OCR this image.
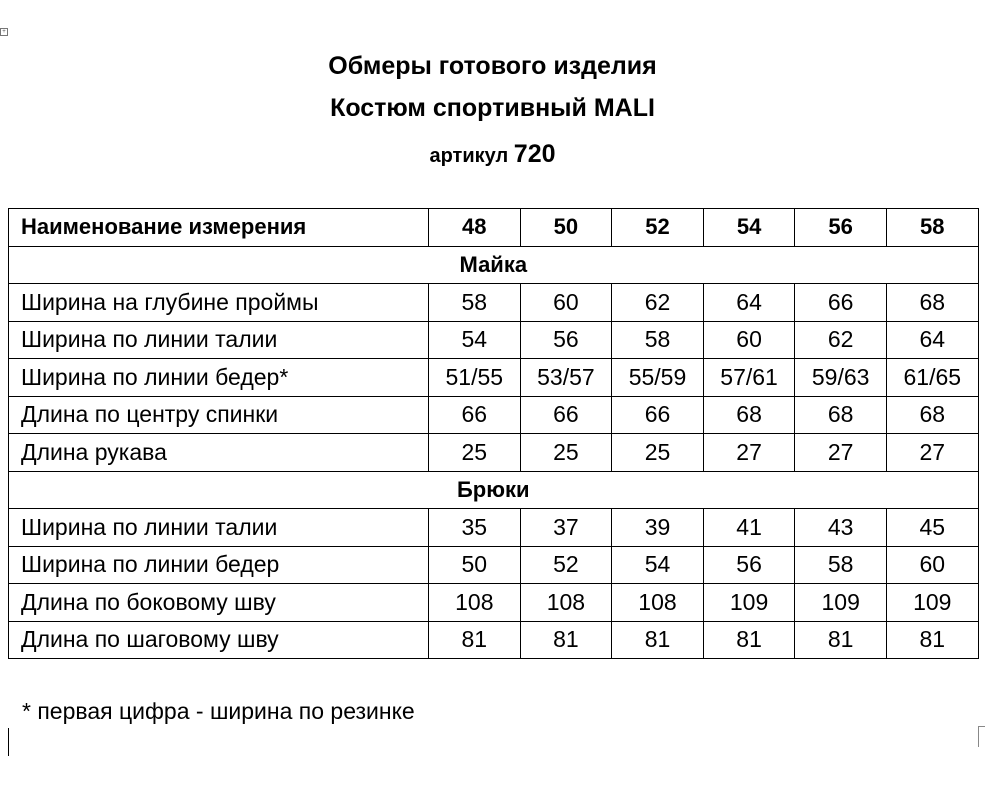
+
Обмеры готового изделия
Костюм спортивный MALI
артикул 720
Наименование измерения	48	50	52	54	56	58
Майка						
Ширина на глубине проймы	58	60	62	64	66	68
Ширина по линии талии	54	56	58	60	62	64
Ширина по линии бедер*	51/55	53/57	55/59	57/61	59/63	61/65
Длина по центру спинки	66	66	66	68	68	68
Длина рукава	25	25	25	27	27	27
Брюки						
Ширина по линии талии	35	37	39	41	43	45
Ширина по линии бедер	50	52	54	56	58	60
Длина по боковому шву	108	108	108	109	109	109
Длина по шаговому шву	81	81	81	81	81	81
* первая цифра - ширина по резинке
